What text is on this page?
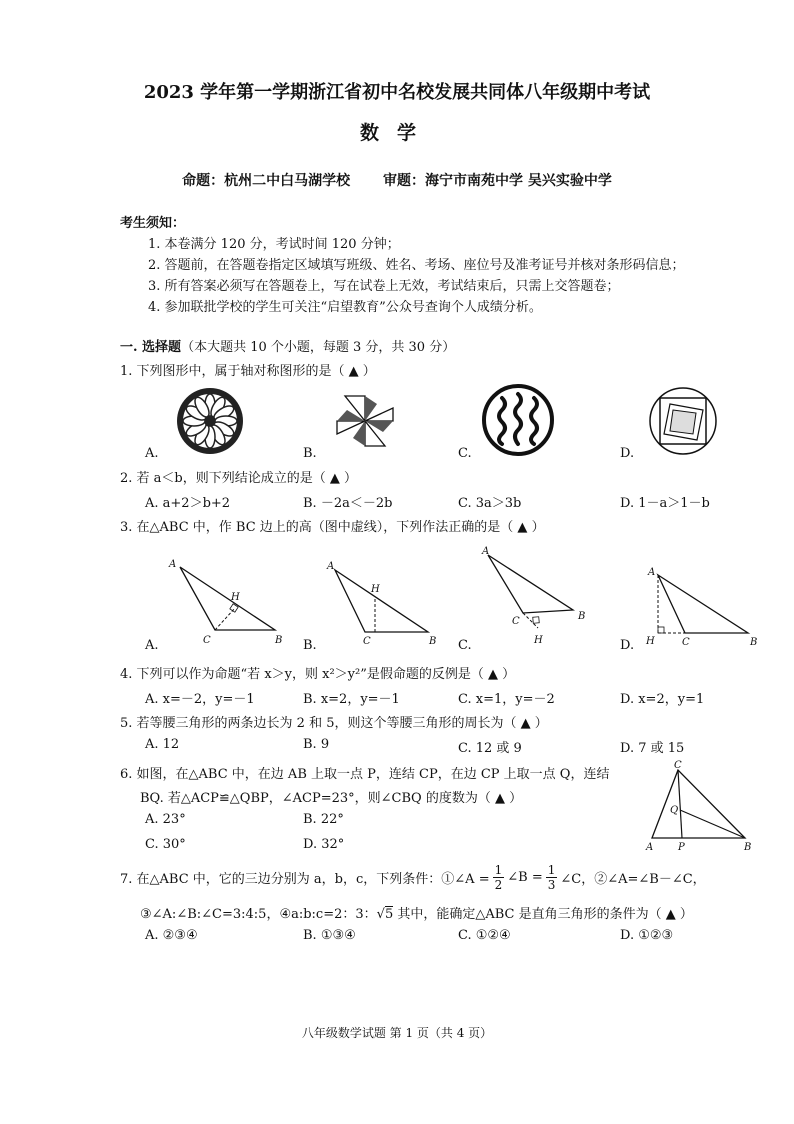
2023 学年第一学期浙江省初中名校发展共同体八年级期中考试
数学
命题：杭州二中白马湖学校 审题：海宁市南苑中学 吴兴实验中学
考生须知：
1. 本卷满分 120 分，考试时间 120 分钟；
2. 答题前，在答题卷指定区域填写班级、姓名、考场、座位号及准考证号并核对条形码信息；
3. 所有答案必须写在答题卷上，写在试卷上无效，考试结束后，只需上交答题卷；
4. 参加联批学校的学生可关注“启望教育”公众号查询个人成绩分析。
一. 选择题（本大题共 10 个小题，每题 3 分，共 30 分）
1. 下列图形中，属于轴对称图形的是（ ▲ ）
A.	B.	C.	D.
2. 若 a＜b，则下列结论成立的是（ ▲ ）
A. a+2＞b+2	B. －2a＜－2b	C. 3a＞3b	D. 1－a＞1－b
3. 在△ABC 中，作 BC 边上的高（图中虚线），下列作法正确的是（ ▲ ）
A
H
C	B
A
H
C	B
A
C
H
B
A
H	C	B
A.	B.	C.	D.
4. 下列可以作为命题“若 x＞y，则 x²＞y²”是假命题的反例是（ ▲ ）
A. x=－2，y=－1	B. x=2，y=－1	C. x=1，y=－2	D. x=2，y=1
5. 若等腰三角形的两条边长为 2 和 5，则这个等腰三角形的周长为（ ▲ ）
A. 12	B. 9	C. 12 或 9	D. 7 或 15
6. 如图，在△ABC 中，在边 AB 上取一点 P，连结 CP，在边 CP 上取一点 Q，连结
BQ. 若△ACP≌△QBP，∠ACP=23°，则∠CBQ 的度数为（ ▲ ）
A. 23°	B. 22°
C. 30°	D. 32°
C
Q
A P	B
7. 在△ABC 中，它的三边分别为 a，b，c，下列条件：①∠A = $\frac{1}{2}$ ∠B = $\frac{1}{3}$ ∠C，②∠A=∠B－∠C，
③∠A:∠B:∠C=3:4:5，④a:b:c=2：3：√5 其中，能确定△ABC 是直角三角形的条件为（ ▲ ）
A. ②③④	B. ①③④	C. ①②④	D. ①②③
八年级数学试题 第 1 页（共 4 页）
